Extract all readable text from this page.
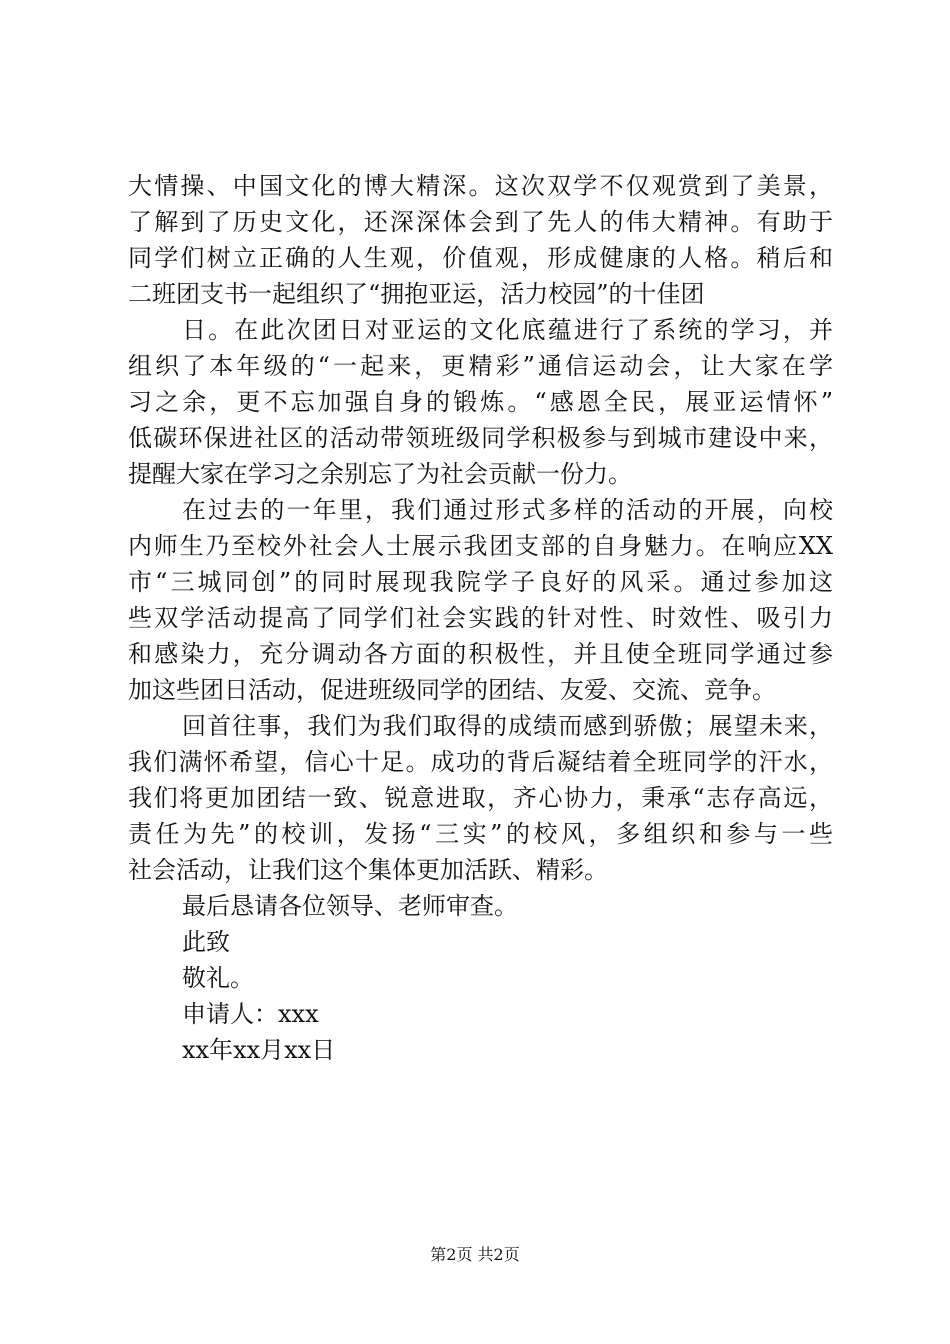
大情操、中国文化的博大精深。这次双学不仅观赏到了美景，
了解到了历史文化，还深深体会到了先人的伟大精神。有助于
同学们树立正确的人生观，价值观，形成健康的人格。稍后和
二班团支书一起组织了“拥抱亚运，活力校园”的十佳团
日。在此次团日对亚运的文化底蕴进行了系统的学习，并
组织了本年级的“一起来，更精彩”通信运动会，让大家在学
习之余，更不忘加强自身的锻炼。“感恩全民，展亚运情怀”
低碳环保进社区的活动带领班级同学积极参与到城市建设中来，
提醒大家在学习之余别忘了为社会贡献一份力。
在过去的一年里，我们通过形式多样的活动的开展，向校
内师生乃至校外社会人士展示我团支部的自身魅力。在响应XX
市“三城同创”的同时展现我院学子良好的风采。通过参加这
些双学活动提高了同学们社会实践的针对性、时效性、吸引力
和感染力，充分调动各方面的积极性，并且使全班同学通过参
加这些团日活动，促进班级同学的团结、友爱、交流、竞争。
回首往事，我们为我们取得的成绩而感到骄傲；展望未来，
我们满怀希望，信心十足。成功的背后凝结着全班同学的汗水，
我们将更加团结一致、锐意进取，齐心协力，秉承“志存高远，
责任为先”的校训，发扬“三实”的校风，多组织和参与一些
社会活动，让我们这个集体更加活跃、精彩。
最后恳请各位领导、老师审查。
此致
敬礼。
申请人：xxx
xx年xx月xx日
第2页 共2页
